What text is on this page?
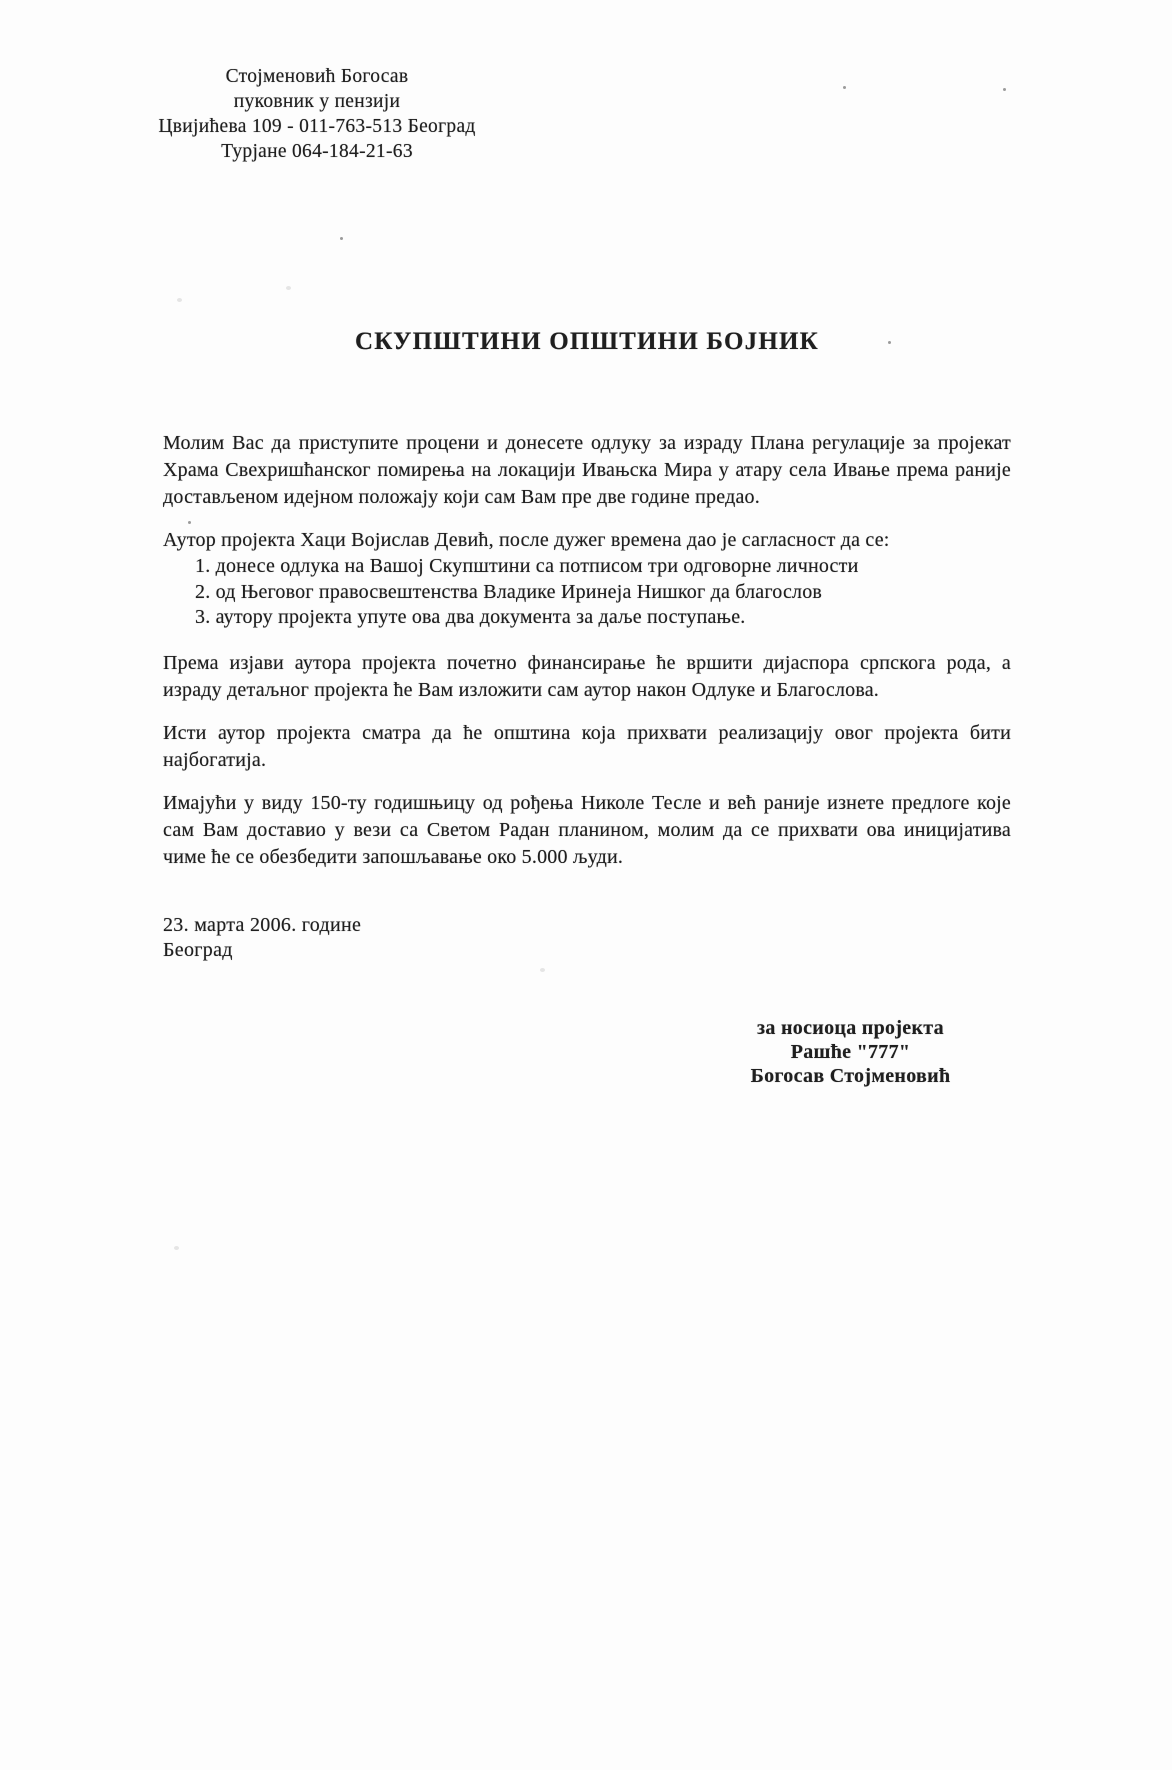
Стојменовић Богосав
пуковник у пензији
Цвијићева 109 - 011-763-513 Београд
Турјане 064-184-21-63
СКУПШТИНИ ОПШТИНИ БОЈНИК

Молим Вас да приступите процени и донесете одлуку за израду Плана регулације за пројекат Храма Свехришћанског помирења на локацији Ивањска Мира у атару села Ивање према раније достављеном идејном положају који сам Вам пре две године предао.

Аутор пројекта Хаци Војислав Девић, после дужег времена дао је сагласност да се:

1. донесе одлука на Вашој Скупштини са потписом три одговорне личности
2. од Његовог правосвештенства Владике Иринеја Нишког да благослов
3. аутору пројекта упуте ова два документа за даље поступање.

Према изјави аутора пројекта почетно финансирање ће вршити дијаспора српскога рода, а израду детаљног пројекта ће Вам изложити сам аутор након Одлуке и Благослова.

Исти аутор пројекта сматра да ће општина која прихвати реализацију овог пројекта бити најбогатија.

Имајући у виду 150-ту годишњицу од рођења Николе Тесле и већ раније изнете предлоге које сам Вам доставио у вези са Светом Радан планином, молим да се прихвати ова иницијатива чиме ће се обезбедити запошљавање око 5.000 људи.

23. марта 2006. године
Београд
за носиоца пројекта
Рашће "777"
Богосав Стојменовић
